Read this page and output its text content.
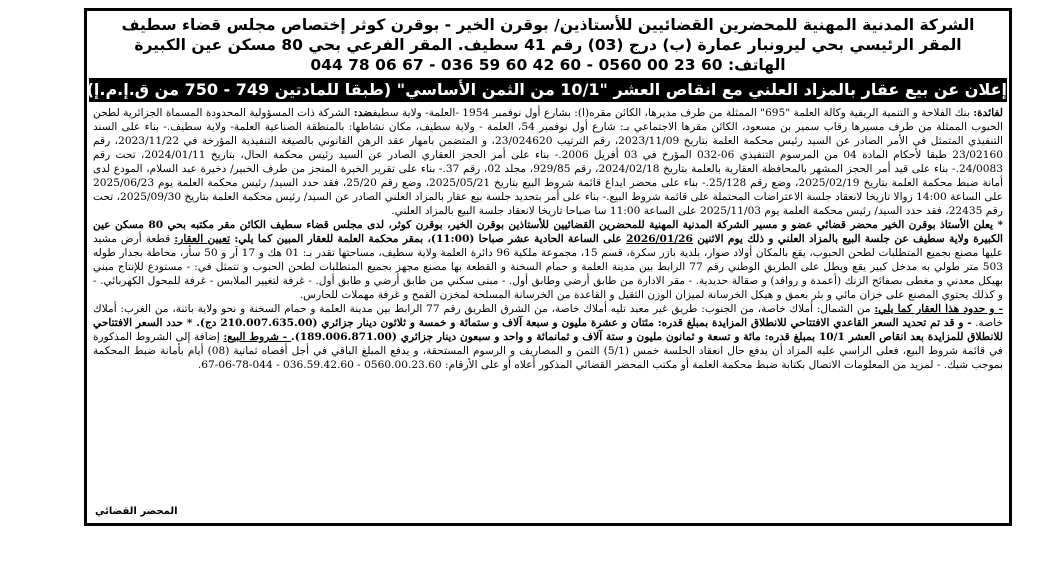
الشركة المدنية المهنية للمحضرين القضائيين للأستاذين/ بوقرن الخير - بوقرن كوثر إختصاص مجلس قضاء سطيف
المقر الرئيسي بحي ليرونبار عمارة (ب) درج (03) رقم 41 سطيف. المقر الفرعي بحي 80 مسكن عين الكبيرة
الهاتف: 60 23 00 0560 - 60 42 60 59 036 - 67 06 78 044
إعلان عن بيع عقار بالمزاد العلني مع انقاص العشر "10/1 من الثمن الأساسي" (طبقا للمادتين 749 - 750 من ق.إ.م.إ)

لفائدة: بنك الفلاحة و التنمية الريفية وكالة العلمة "695" الممثلة من طرف مديرها، الكائن مقره(ا): بشارع أول نوفمبر 1954 -العلمة- ولاية سطيفضد: الشركة ذات المسؤولية المحدودة المسماة الجزائرية لطحن الحبوب الممثلة من طرف مسيرها رقاب سمير بن مسعود، الكائن مقرها الاجتماعي بـ: شارع أول نوفمبر 54، العلمة - ولاية سطيف، مكان نشاطها: بالمنطقة الصناعية العلمة- ولاية سطيف.- بناء على السند التنفيذي المتمثل في الأمر الصادر عن السيد رئيس محكمة العلمة بتاريخ 2023/11/09، رقم الترتيب 23/024620، و المتضمن بامهار عقد الرهن القانوني بالصيغة التنفيذية المؤرخة في 2023/11/22، رقم 23/02160 طبقا لأحكام المادة 04 من المرسوم التنفيذي 06-032 المؤرخ في 03 أفريل 2006.- بناء على أمر الحجز العقاري الصادر عن السيد رئيس محكمة الحال، بتاريخ 2024/01/11، تحت رقم 24/0083.- بناء على قيد أمر الحجز المشهر بالمحافظة العقارية بالعلمة بتاريخ 2024/02/18، رقم 929/85، مجلد 02، رقم 37.- بناء على تقرير الخبرة المنجز من طرف الخبير/ دخيرة عبد السلام، المودع لدى أمانة ضبط محكمة العلمة بتاريخ 2025/02/19، وضع رقم 25/128.- بناء على محضر ايداع قائمة شروط البيع بتاريخ 2025/05/21، وضع رقم 25/20، فقد حدد السيد/ رئيس محكمة العلمة يوم 2025/06/23 على الساعة 14:00 زوالا تاريخا لانعقاد جلسة الاعتراضات المحتملة على قائمة شروط البيع.- بناء على أمر بتحديد جلسة بيع عقار بالمزاد العلني الصادر عن السيد/ رئيس محكمة العلمة بتاريخ 2025/09/30، تحت رقم 22435، فقد حدد السيد/ رئيس محكمة العلمة يوم 2025/11/03 على الساعة 11:00 سا صباحا تاريخا لانعقاد جلسة البيع بالمزاد العلني.

* يعلن الأستاذ بوقرن الخير محضر قضائي عضو و مسير الشركة المدنية المهنية للمحضرين القضائيين للأستاذين بوقرن الخير، بوقرن كوثر، لدى مجلس قضاء سطيف الكائن مقر مكتبه بحي 80 مسكن عين الكبيرة ولاية سطيف عن جلسة البيع بالمزاد العلني و ذلك يوم الاثنين 2026/01/26 على الساعة الحادية عشر صباحا (11:00)، بمقر محكمة العلمة للعقار المبين كما يلي: تعيين العقار: قطعة أرض مشيد عليها مصنع بجميع المتطلبات لطحن الحبوب، يقع بالمكان أولاد صوار، بلدية بازر سكرة، قسم 15، مجموعة ملكية 96 دائرة العلمة ولاية سطيف، مساحتها تقدر بـ: 01 هك و 17 آر و 50 سأر، محاطة بجدار طوله 503 متر طولي به مدخل كبير يقع ويطل على الطريق الوطني رقم 77 الرابط بين مدينة العلمة و حمام السخنة و القطعة بها مصنع مجهز بجميع المتطلبات لطحن الحبوب و تتمثل في: - مستودع للإنتاج مبني بهيكل معدني و مغطى بصفائح الزنك (أعمدة و روافد) و صقالة حديدية. - مقر الادارة من طابق أرضي وطابق أول. - مبنى سكني من طابق أرضي و طابق أول. - غرفة لتغيير الملابس - غرفة للمحول الكهربائي. - و كذلك يحتوي المصنع على خزان مائي و بئر بعمق و هيكل الخرسانة لميزان الوزن الثقيل و القاعدة من الخرسانة المسلحة لمخزن القمح و غرفة مهملات للحارس.

- و حدود هذا العقار كما يلي: من الشمال: أملاك خاصة، من الجنوب: طريق غير معبد تليه أملاك خاصة، من الشرق الطريق رقم 77 الرابط بين مدينة العلمة و حمام السخنة و نحو ولاية باتنة، من الغرب: أملاك خاصة. - و قد تم تحديد السعر القاعدي الافتتاحي للانطلاق المزايدة بمبلغ قدره: مئتان و عشرة مليون و سبعة آلاف و ستمائة و خمسة و ثلاثون دينار جزائري (210.007.635.00 دج). * حدد السعر الافتتاحي للانطلاق للمزايدة بعد انقاص العشر 10/1 بمبلغ قدره: مائة و تسعة و ثمانون مليون و ستة آلاف و ثمانمائة و واحد و سبعون دينار جزائري (189.006.871.00). - شروط البيع: إضافة إلى الشروط المذكورة في قائمة شروط البيع، فعلى الراسي عليه المزاد أن يدفع حال انعقاد الجلسة خمس (5/1) الثمن و المصاريف و الرسوم المستحقة، و يدفع المبلغ الباقي في أجل أقصاه ثمانية (08) أيام بأمانة ضبط المحكمة بموجب شيك. - لمزيد من المعلومات الاتصال بكتابة ضبط محكمة العلمة أو مكتب المحضر القضائي المذكور أعلاه أو على الأرقام: 0560.00.23.60 - 036.59.42.60 - 044-78-06-67.

المحضر القضائي
